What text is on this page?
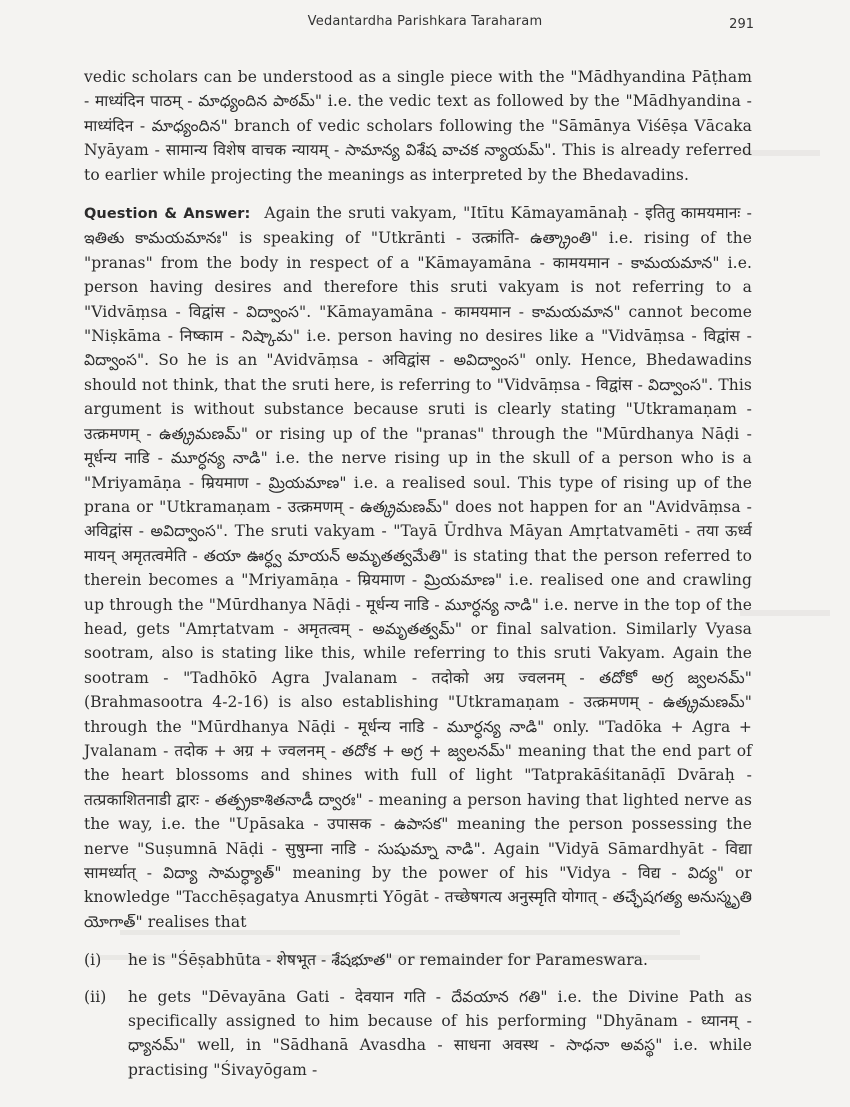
Vedantardha Parishkara Taraharam	291

vedic scholars can be understood as a single piece with the "Mādhyandina Pāṭham - माध्यंदिन पाठम् - మాధ్యందిన పాఠమ్" i.e. the vedic text as followed by the "Mādhyandina - माध्यंदिन - మాధ్యందిన" branch of vedic scholars following the "Sāmānya Viśēṣa Vācaka Nyāyam - सामान्य विशेष वाचक न्यायम् - సామాన్య విశేష వాచక న్యాయమ్". This is already referred to earlier while projecting the meanings as interpreted by the Bhedavadins.

Question & Answer: Again the sruti vakyam, "Itītu Kāmayamānaḥ - इतितु कामयमानः - ఇతితు కామయమానః" is speaking of "Utkrānti - उत्क्रांति- ఉత్క్రాంతి" i.e. rising of the "pranas" from the body in respect of a "Kāmayamāna - कामयमान - కామయమాన" i.e. person having desires and therefore this sruti vakyam is not referring to a "Vidvāṃsa - विद्वांस - విద్వాంస". "Kāmayamāna - कामयमान - కామయమాన" cannot become "Niṣkāma - निष्काम - నిష్కామ" i.e. person having no desires like a "Vidvāṃsa - विद्वांस - విద్వాంస". So he is an "Avidvāṃsa - अविद्वांस - అవిద్వాంస" only. Hence, Bhedawadins should not think, that the sruti here, is referring to "Vidvāṃsa - विद्वांस - విద్వాంస". This argument is without substance because sruti is clearly stating "Utkramaṇam - उत्क्रमणम् - ఉత్క్రమణమ్" or rising up of the "pranas" through the "Mūrdhanya Nāḍi - मूर्धन्य नाडि - మూర్ధన్య నాడి" i.e. the nerve rising up in the skull of a person who is a "Mriyamāṇa - म्रियमाण - మ్రియమాణ" i.e. a realised soul. This type of rising up of the prana or "Utkramaṇam - उत्क्रमणम् - ఉత్క్రమణమ్" does not happen for an "Avidvāṃsa - अविद्वांस - అవిద్వాంస". The sruti vakyam - "Tayā Ūrdhva Māyan Amṛtatvamēti - तया ऊर्ध्व मायन् अमृतत्वमेति - తయా ఊర్ధ్వ మాయన్ అమృతత్వమేతి" is stating that the person referred to therein becomes a "Mriyamāṇa - म्रियमाण - మ్రియమాణ" i.e. realised one and crawling up through the "Mūrdhanya Nāḍi - मूर्धन्य नाडि - మూర్ధన్య నాడి" i.e. nerve in the top of the head, gets "Amṛtatvam - अमृतत्वम् - అమృతత్వమ్" or final salvation. Similarly Vyasa sootram, also is stating like this, while referring to this sruti Vakyam. Again the sootram - "Tadhōkō Agra Jvalanam - तदोको अग्र ज्वलनम् - తదోకో అగ్ర జ్వలనమ్" (Brahmasootra 4-2-16) is also establishing "Utkramaṇam - उत्क्रमणम् - ఉత్క్రమణమ్" through the "Mūrdhanya Nāḍi - मूर्धन्य नाडि - మూర్ధన్య నాడి" only. "Tadōka + Agra + Jvalanam - तदोक + अग्र + ज्वलनम् - తదోక + అగ్ర + జ్వలనమ్" meaning that the end part of the heart blossoms and shines with full of light "Tatprakāśitanāḍī Dvāraḥ - तत्प्रकाशितनाडी द्वारः - తత్ప్రకాశితనాడీ ద్వారః" - meaning a person having that lighted nerve as the way, i.e. the "Upāsaka - उपासक - ఉపాసక" meaning the person possessing the nerve "Suṣumnā Nāḍi - सुषुम्ना नाडि - సుషుమ్నా నాడి". Again "Vidyā Sāmardhyāt - विद्या सामर्ध्यात् - విద్యా సామర్ధ్యాత్" meaning by the power of his "Vidya - विद्य - విద్య" or knowledge "Tacchēṣagatya Anusmṛti Yōgāt - तच्छेषगत्य अनुस्मृति योगात् - తచ్ఛేషగత్య అనుస్మృతి యోగాత్" realises that

(i)	he is "Śēṣabhūta - शेषभूत - శేషభూత" or remainder for Parameswara.
(ii)	he gets "Dēvayāna Gati - देवयान गति - దేవయాన గతి" i.e. the Divine Path as specifically assigned to him because of his performing "Dhyānam - ध्यानम् - ధ్యానమ్" well, in "Sādhanā Avasdha - साधना अवस्थ - సాధనా అవస్థ" i.e. while practising "Śivayōgam -
